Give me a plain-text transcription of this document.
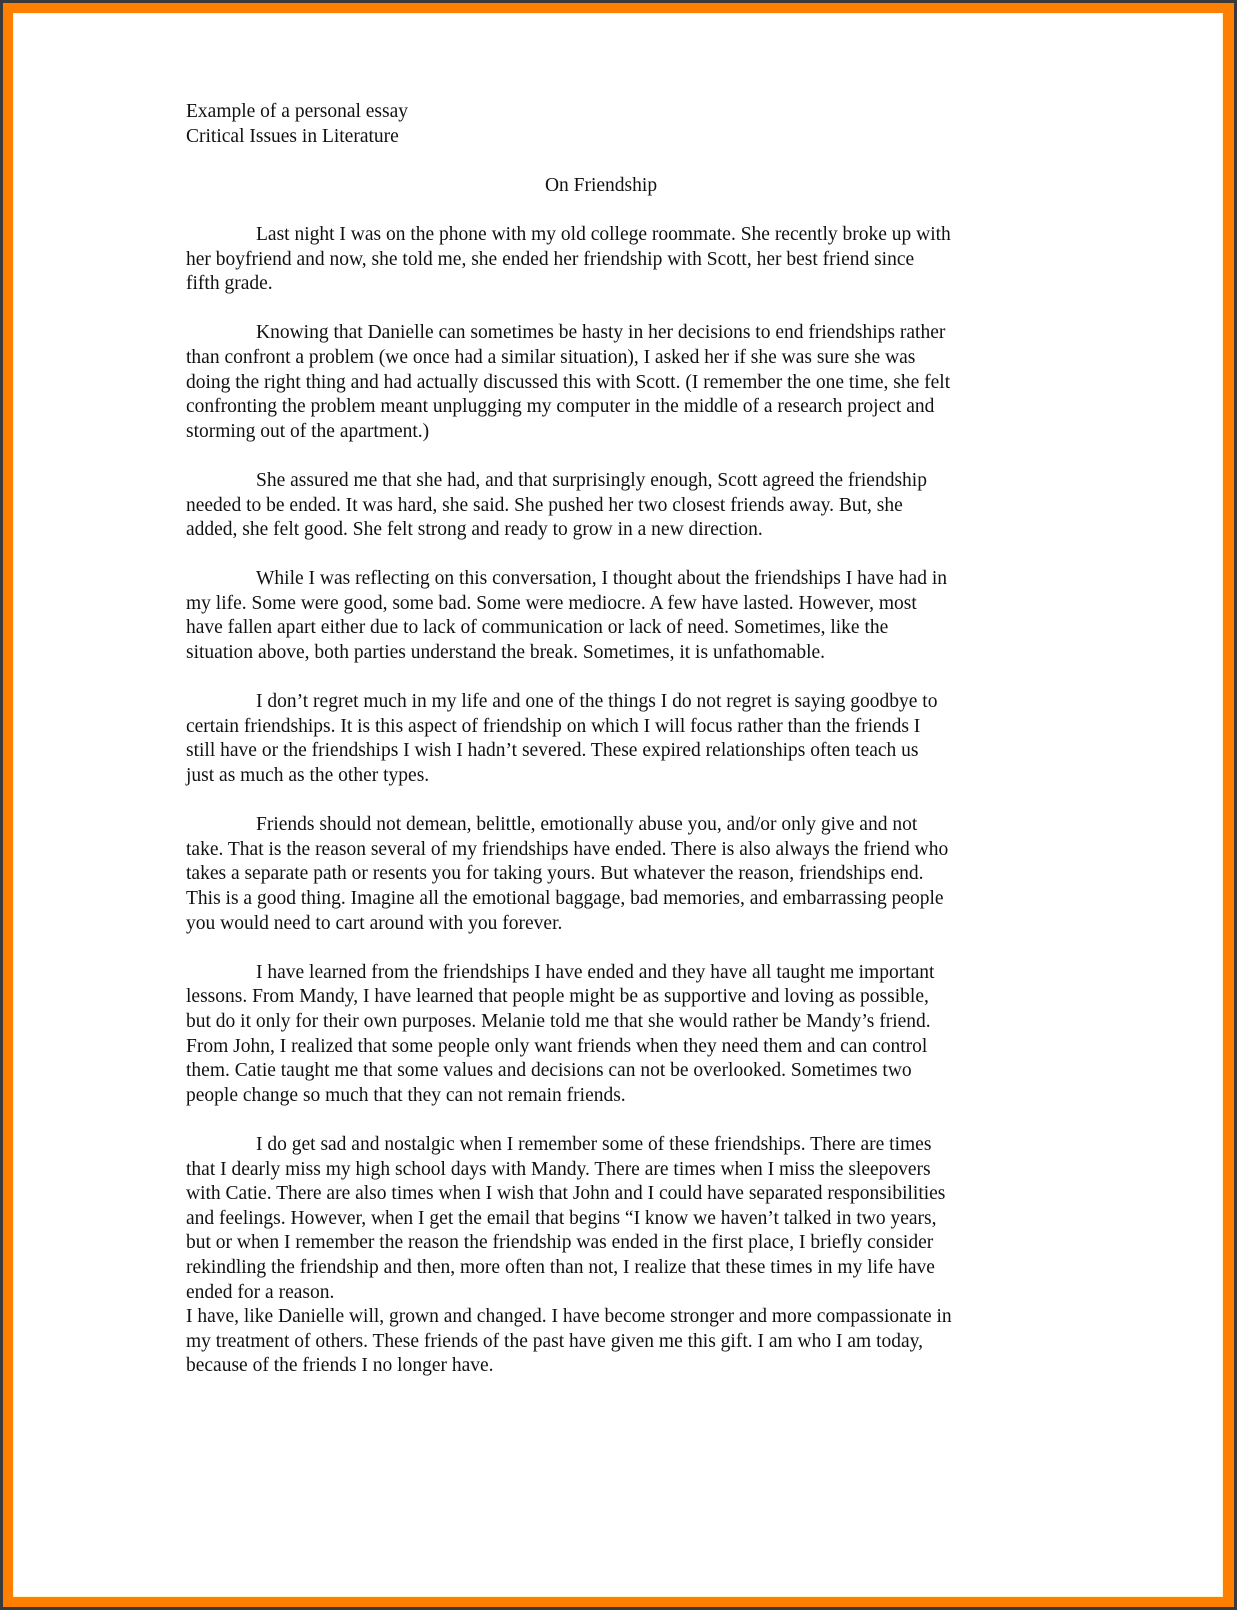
Example of a personal essay
Critical Issues in Literature
On Friendship
Last night I was on the phone with my old college roommate. She recently broke up with
her boyfriend and now, she told me, she ended her friendship with Scott, her best friend since
fifth grade.
Knowing that Danielle can sometimes be hasty in her decisions to end friendships rather
than confront a problem (we once had a similar situation), I asked her if she was sure she was
doing the right thing and had actually discussed this with Scott. (I remember the one time, she felt
confronting the problem meant unplugging my computer in the middle of a research project and
storming out of the apartment.)
She assured me that she had, and that surprisingly enough, Scott agreed the friendship
needed to be ended. It was hard, she said. She pushed her two closest friends away. But, she
added, she felt good. She felt strong and ready to grow in a new direction.
While I was reflecting on this conversation, I thought about the friendships I have had in
my life. Some were good, some bad. Some were mediocre. A few have lasted. However, most
have fallen apart either due to lack of communication or lack of need. Sometimes, like the
situation above, both parties understand the break. Sometimes, it is unfathomable.
I don’t regret much in my life and one of the things I do not regret is saying goodbye to
certain friendships. It is this aspect of friendship on which I will focus rather than the friends I
still have or the friendships I wish I hadn’t severed. These expired relationships often teach us
just as much as the other types.
Friends should not demean, belittle, emotionally abuse you, and/or only give and not
take. That is the reason several of my friendships have ended. There is also always the friend who
takes a separate path or resents you for taking yours. But whatever the reason, friendships end.
This is a good thing. Imagine all the emotional baggage, bad memories, and embarrassing people
you would need to cart around with you forever.
I have learned from the friendships I have ended and they have all taught me important
lessons. From Mandy, I have learned that people might be as supportive and loving as possible,
but do it only for their own purposes. Melanie told me that she would rather be Mandy’s friend.
From John, I realized that some people only want friends when they need them and can control
them. Catie taught me that some values and decisions can not be overlooked. Sometimes two
people change so much that they can not remain friends.
I do get sad and nostalgic when I remember some of these friendships. There are times
that I dearly miss my high school days with Mandy. There are times when I miss the sleepovers
with Catie. There are also times when I wish that John and I could have separated responsibilities
and feelings. However, when I get the email that begins “I know we haven’t talked in two years,
but or when I remember the reason the friendship was ended in the first place, I briefly consider
rekindling the friendship and then, more often than not, I realize that these times in my life have
ended for a reason.
I have, like Danielle will, grown and changed. I have become stronger and more compassionate in
my treatment of others. These friends of the past have given me this gift. I am who I am today,
because of the friends I no longer have.
